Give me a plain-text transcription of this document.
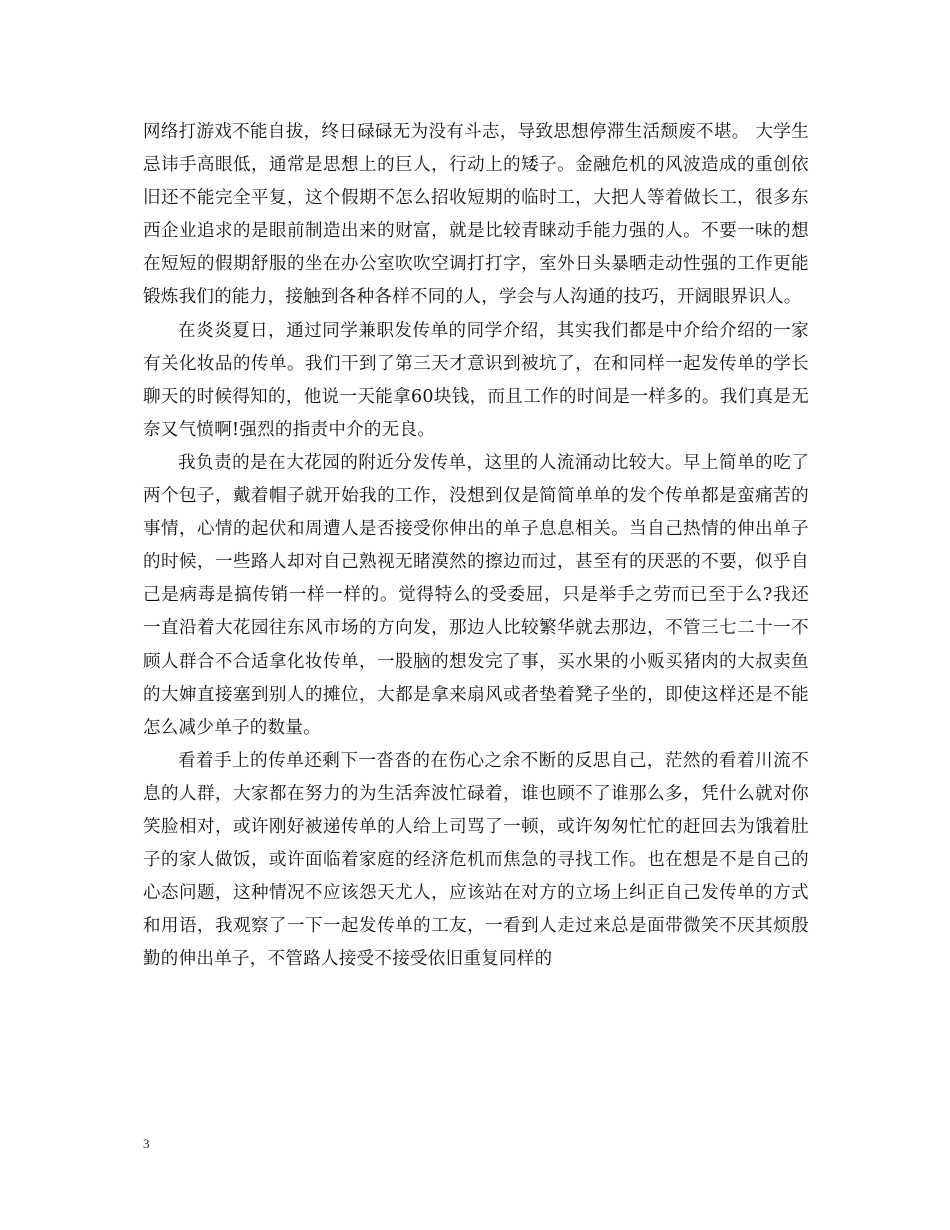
网络打游戏不能自拔，终日碌碌无为没有斗志，导致思想停滞生活颓废不堪。 大学生忌讳手高眼低，通常是思想上的巨人，行动上的矮子。金融危机的风波造成的重创依旧还不能完全平复，这个假期不怎么招收短期的临时工，大把人等着做长工，很多东西企业追求的是眼前制造出来的财富，就是比较青睐动手能力强的人。不要一味的想在短短的假期舒服的坐在办公室吹吹空调打打字，室外日头暴晒走动性强的工作更能锻炼我们的能力，接触到各种各样不同的人，学会与人沟通的技巧，开阔眼界识人。

在炎炎夏日，通过同学兼职发传单的同学介绍，其实我们都是中介给介绍的一家有关化妆品的传单。我们干到了第三天才意识到被坑了，在和同样一起发传单的学长聊天的时候得知的，他说一天能拿60块钱，而且工作的时间是一样多的。我们真是无奈又气愤啊!强烈的指责中介的无良。

我负责的是在大花园的附近分发传单，这里的人流涌动比较大。早上简单的吃了两个包子，戴着帽子就开始我的工作，没想到仅是简简单单的发个传单都是蛮痛苦的事情，心情的起伏和周遭人是否接受你伸出的单子息息相关。当自己热情的伸出单子的时候，一些路人却对自己熟视无睹漠然的擦边而过，甚至有的厌恶的不要，似乎自己是病毒是搞传销一样一样的。觉得特么的受委屈，只是举手之劳而已至于么?我还一直沿着大花园往东风市场的方向发，那边人比较繁华就去那边，不管三七二十一不顾人群合不合适拿化妆传单，一股脑的想发完了事，买水果的小贩买猪肉的大叔卖鱼的大婶直接塞到别人的摊位，大都是拿来扇风或者垫着凳子坐的，即使这样还是不能怎么减少单子的数量。

看着手上的传单还剩下一沓沓的在伤心之余不断的反思自己，茫然的看着川流不息的人群，大家都在努力的为生活奔波忙碌着，谁也顾不了谁那么多，凭什么就对你笑脸相对，或许刚好被递传单的人给上司骂了一顿，或许匆匆忙忙的赶回去为饿着肚子的家人做饭，或许面临着家庭的经济危机而焦急的寻找工作。也在想是不是自己的心态问题，这种情况不应该怨天尤人，应该站在对方的立场上纠正自己发传单的方式和用语，我观察了一下一起发传单的工友，一看到人走过来总是面带微笑不厌其烦殷勤的伸出单子，不管路人接受不接受依旧重复同样的

3
